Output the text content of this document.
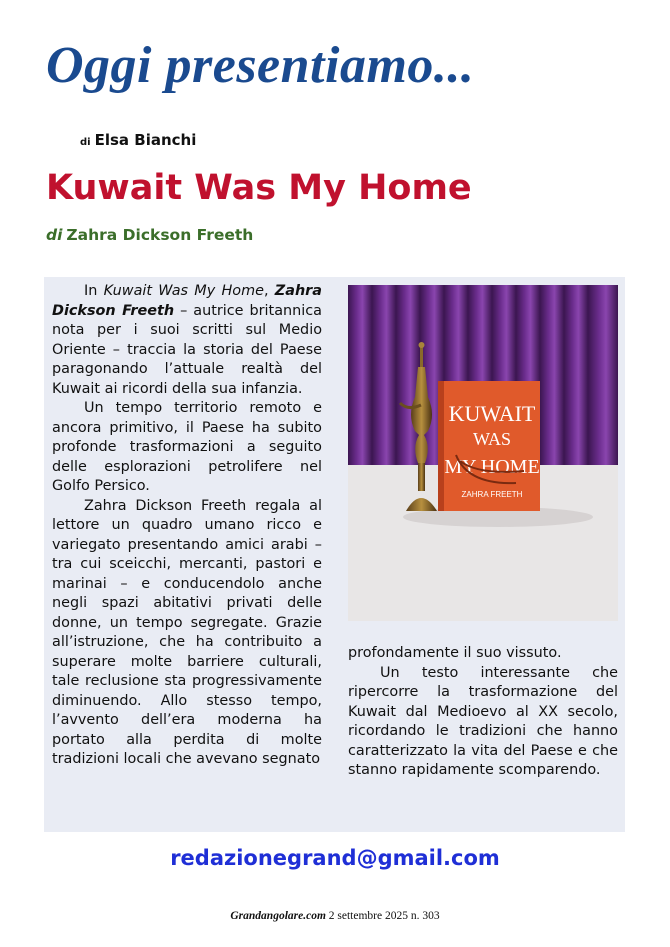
Oggi presentiamo...
di Elsa Bianchi
Kuwait Was My Home
di Zahra Dickson Freeth

In Kuwait Was My Home, Zahra Dickson Freeth – autrice britannica nota per i suoi scritti sul Medio Oriente – traccia la storia del Paese paragonando l’attuale realtà del Kuwait ai ricordi della sua infanzia.

Un tempo territorio remoto e ancora primitivo, il Paese ha subito profonde trasformazioni a seguito delle esplorazioni petrolifere nel Golfo Persico.

Zahra Dickson Freeth regala al lettore un quadro umano ricco e variegato presentando amici arabi – tra cui sceicchi, mercanti, pastori e marinai – e conducendolo anche negli spazi abitativi privati delle donne, un tempo segregate. Grazie all’istruzione, che ha contribuito a superare molte barriere culturali, tale reclusione sta progressivamente diminuendo. Allo stesso tempo, l’avvento dell’era moderna ha portato alla perdita di molte tradizioni locali che avevano segnato

KUWAIT
WAS
MY HOME
ZAHRA FREETH

profondamente il suo vissuto.

Un testo interessante che ripercorre la trasformazione del Kuwait dal Medioevo al XX secolo, ricordando le tradizioni che hanno caratterizzato la vita del Paese e che stanno rapidamente scomparendo.

redazionegrand@gmail.com
Grandangolare.com 2 settembre 2025 n. 303
